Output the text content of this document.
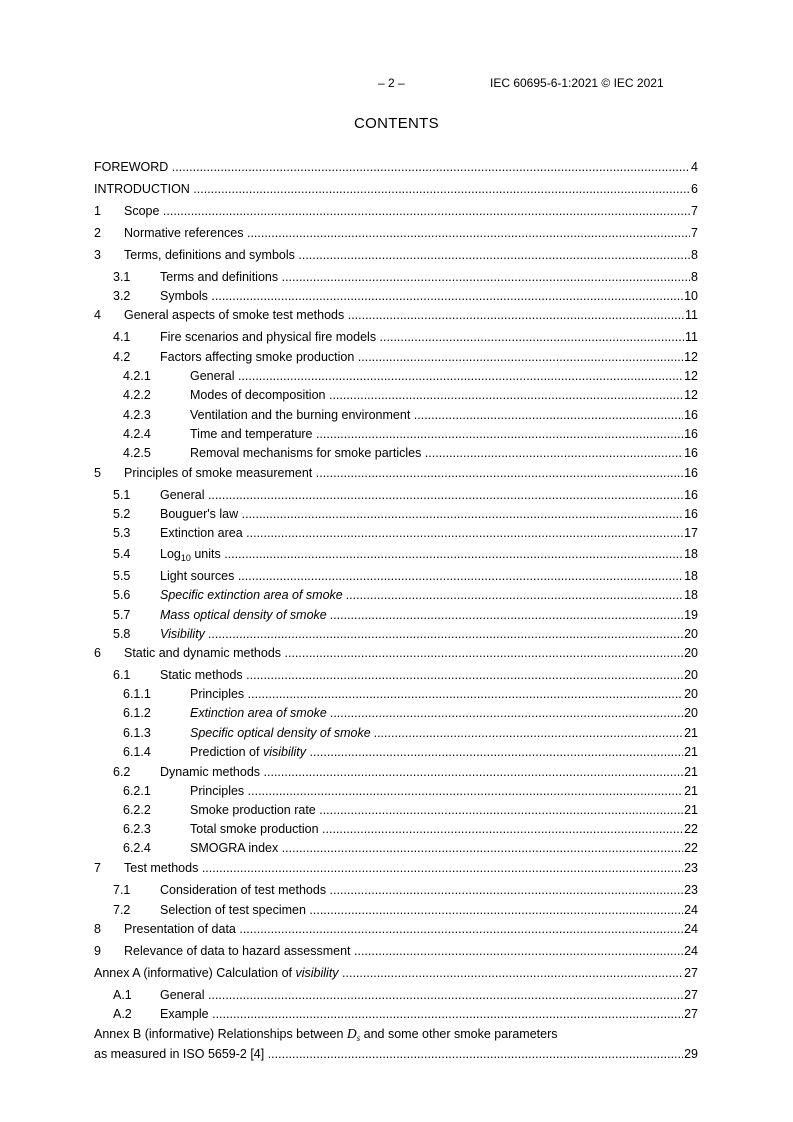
– 2 –	IEC 60695-6-1:2021 © IEC 2021
CONTENTS
FOREWORD .....	4
INTRODUCTION .....	6
1 Scope .....	7
2 Normative references .....	7
3 Terms, definitions and symbols .....	8
3.1 Terms and definitions .....	8
3.2 Symbols .....	10
4 General aspects of smoke test methods .....	11
4.1 Fire scenarios and physical fire models .....	11
4.2 Factors affecting smoke production .....	12
4.2.1	General .....	12
4.2.2	Modes of decomposition .....	12
4.2.3	Ventilation and the burning environment .....	16
4.2.4	Time and temperature .....	16
4.2.5	Removal mechanisms for smoke particles .....	16
5 Principles of smoke measurement .....	16
5.1 General .....	16
5.2 Bouguer's law .....	16
5.3 Extinction area .....	17
5.4 Log$_{10}$ units .....	18
5.5 Light sources .....	18
5.6 Specific extinction area of smoke .....	18
5.7 Mass optical density of smoke .....	19
5.8 Visibility .....	20
6 Static and dynamic methods .....	20
6.1 Static methods .....	20
6.1.1	Principles .....	20
6.1.2	Extinction area of smoke .....	20
6.1.3	Specific optical density of smoke .....	21
6.1.4	Prediction of visibility .....	21
6.2 Dynamic methods .....	21
6.2.1	Principles .....	21
6.2.2	Smoke production rate .....	21
6.2.3	Total smoke production .....	22
6.2.4	SMOGRA index .....	22
7 Test methods .....	23
7.1 Consideration of test methods .....	23
7.2 Selection of test specimen .....	24
8 Presentation of data .....	24
9 Relevance of data to hazard assessment .....	24
Annex A (informative) Calculation of visibility .....	27
A.1 General .....	27
A.2 Example .....	27
Annex B (informative) Relationships between $D_s$ and some other smoke parameters
as measured in ISO 5659-2 [4] .....	29
